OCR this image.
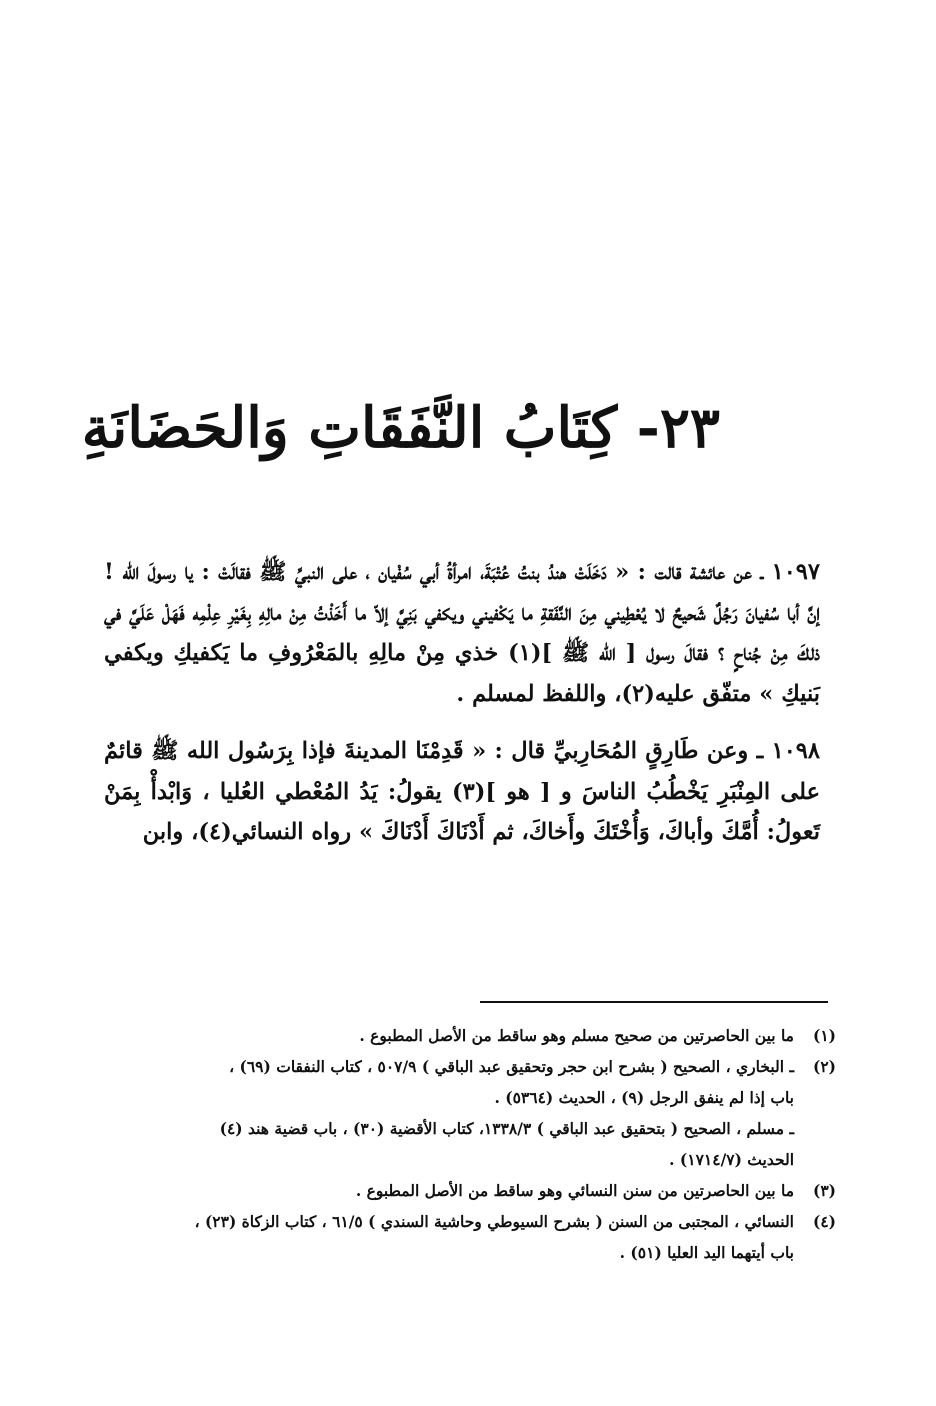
٢٣- كِتَابُ النَّفَقَاتِ وَالحَضَانَةِ

١٠٩٧ ـ عن عائشة قالت : « دَخَلَتْ هندُ بنتُ عُتْبَةَ، امرأةُ أبي سُفْيان ، على النبيِّ ﷺ فقالَتْ : يا رسولَ الله ! إنَّ أبا سُفيانَ رَجُلٌ شَحيحٌ لا يُعْطِيني مِنَ النَّفَقةِ ما يَكْفيني ويكفي بَنِيَّ إلاّ ما أَخَذْتُ مِنْ مالِهِ بِغَيْرِ عِلْمِه فَهَلْ عَلَيَّ في ذلكَ مِنْ جُناحٍ ؟ فقالَ رسول [ الله ﷺ ](١) خذي مِنْ مالِهِ بالمَعْرُوفِ ما يَكفيكِ ويكفي بَنيكِ » متفّق عليه(٢)، واللفظ لمسلم .

١٠٩٨ ـ وعن طَارِقٍ المُحَارِبيِّ قال : « قَدِمْنَا المدينةَ فإذا بِرَسُول الله ﷺ قائمٌ على المِنْبَرِ يَخْطُبُ الناسَ و [ هو ](٣) يقولُ: يَدُ المُعْطي العُليا ، وَابْدأْ بِمَنْ تَعولُ: أُمَّكَ وأباكَ، وَأُخْتَكَ وأَخاكَ، ثم أَدْنَاكَ أَدْنَاكَ » رواه النسائي(٤)، وابن

(١)
ما بين الحاصرتين من صحيح مسلم وهو ساقط من الأصل المطبوع .
(٢)
ـ البخاري ، الصحيح ( بشرح ابن حجر وتحقيق عبد الباقي ) ٥٠٧/٩ ، كتاب النفقات (٦٩) ،
باب إذا لم ينفق الرجل (٩) ، الحديث (٥٣٦٤) .
ـ مسلم ، الصحيح ( بتحقيق عبد الباقي ) ١٣٣٨/٣، كتاب الأقضية (٣٠) ، باب قضية هند (٤)
الحديث (١٧١٤/٧) .
(٣)
ما بين الحاصرتين من سنن النسائي وهو ساقط من الأصل المطبوع .
(٤)
النسائي ، المجتبى من السنن ( بشرح السيوطي وحاشية السندي ) ٦١/٥ ، كتاب الزكاة (٢٣) ،
باب أيتهما اليد العليا (٥١) .
